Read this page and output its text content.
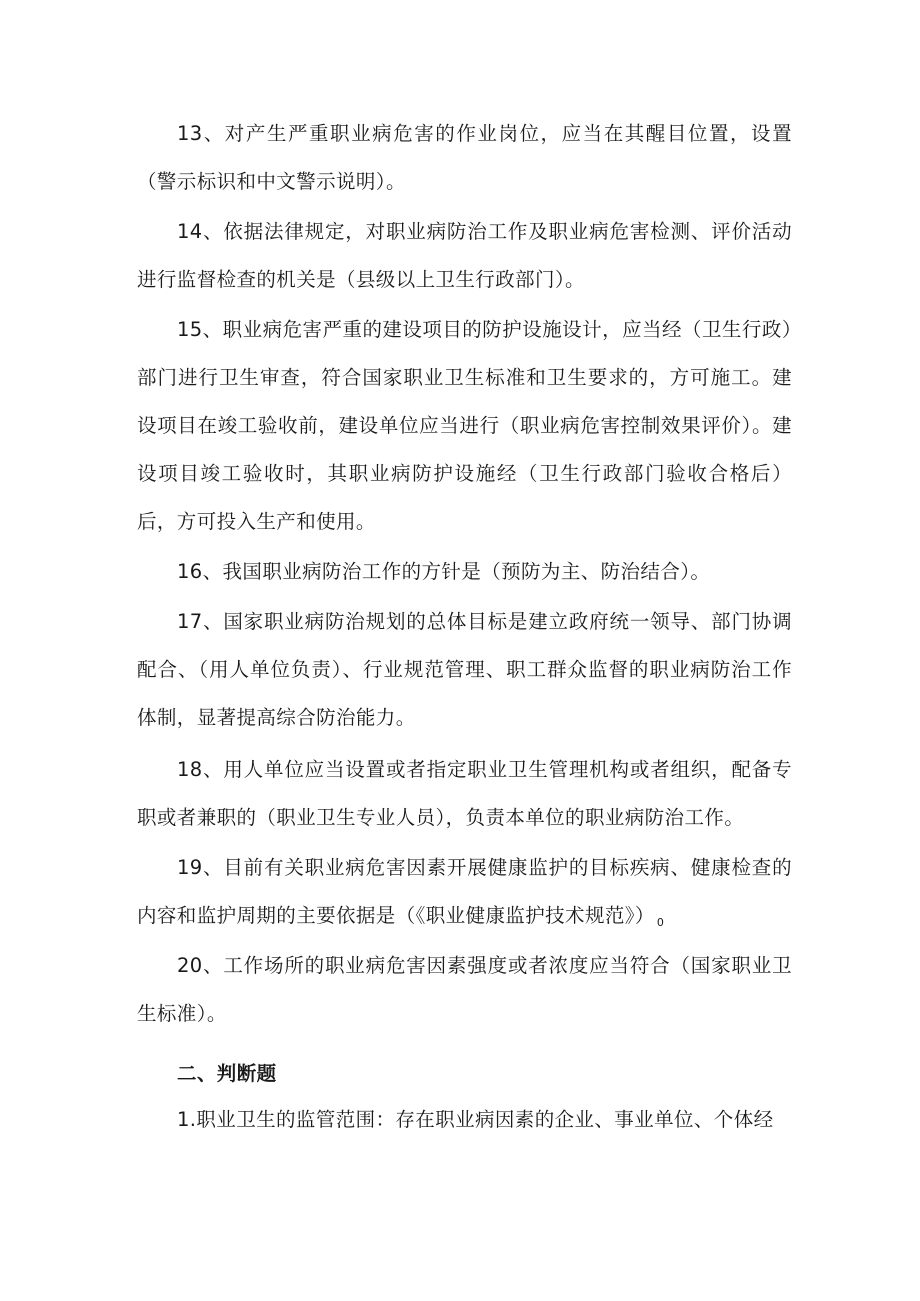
13、对产生严重职业病危害的作业岗位，应当在其醒目位置，设置（警示标识和中文警示说明）。

14、依据法律规定，对职业病防治工作及职业病危害检测、评价活动进行监督检查的机关是（县级以上卫生行政部门）。

15、职业病危害严重的建设项目的防护设施设计，应当经（卫生行政）部门进行卫生审查，符合国家职业卫生标准和卫生要求的，方可施工。建设项目在竣工验收前，建设单位应当进行（职业病危害控制效果评价）。建设项目竣工验收时，其职业病防护设施经（卫生行政部门验收合格后）后，方可投入生产和使用。

16、我国职业病防治工作的方针是（预防为主、防治结合）。

17、国家职业病防治规划的总体目标是建立政府统一领导、部门协调配合、（用人单位负责）、行业规范管理、职工群众监督的职业病防治工作体制，显著提高综合防治能力。

18、用人单位应当设置或者指定职业卫生管理机构或者组织，配备专职或者兼职的（职业卫生专业人员），负责本单位的职业病防治工作。

19、目前有关职业病危害因素开展健康监护的目标疾病、健康检查的内容和监护周期的主要依据是（《职业健康监护技术规范》） $_0$

20、工作场所的职业病危害因素强度或者浓度应当符合（国家职业卫生标准）。

二、判断题

1.职业卫生的监管范围：存在职业病因素的企业、事业单位、个体经
